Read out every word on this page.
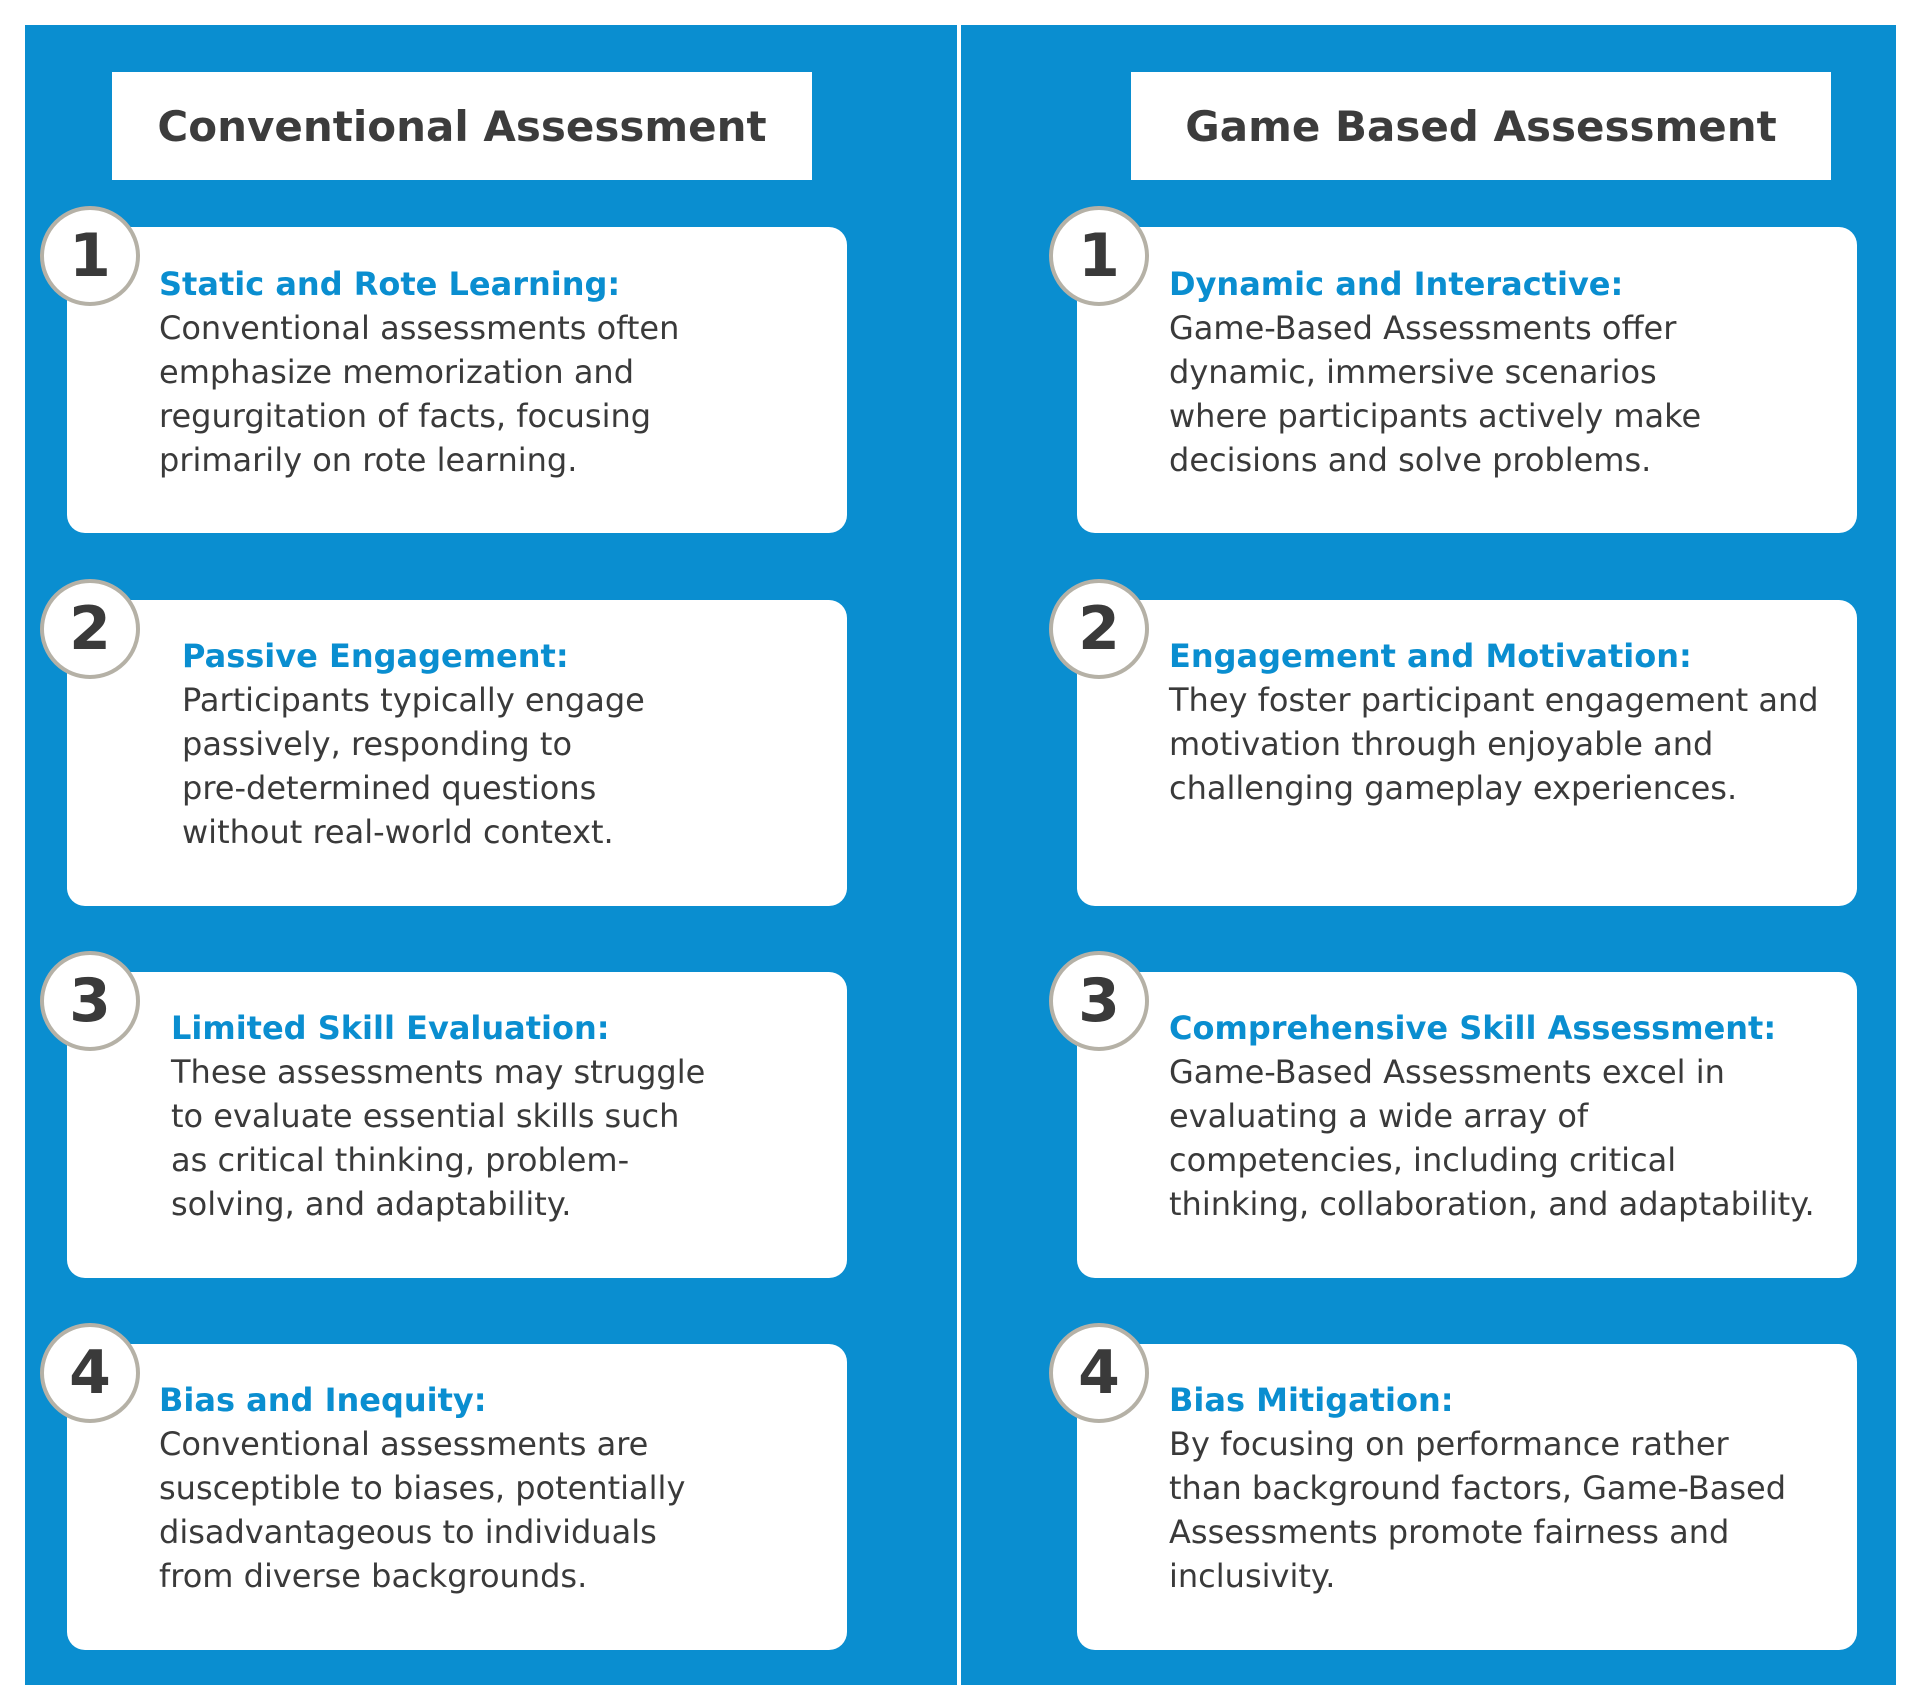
Conventional Assessment	Game Based Assessment
1	Static and Rote Learning:
Conventional assessments often
emphasize memorization and
regurgitation of facts, focusing
primarily on rote learning.
2	Passive Engagement:
Participants typically engage
passively, responding to
pre-determined questions
without real-world context.
3	Limited Skill Evaluation:
These assessments may struggle
to evaluate essential skills such
as critical thinking, problem-
solving, and adaptability.
4	Bias and Inequity:
Conventional assessments are
susceptible to biases, potentially
disadvantageous to individuals
from diverse backgrounds.
1	Dynamic and Interactive:
Game-Based Assessments offer
dynamic, immersive scenarios
where participants actively make
decisions and solve problems.
2	Engagement and Motivation:
They foster participant engagement and
motivation through enjoyable and
challenging gameplay experiences.
3	Comprehensive Skill Assessment:
Game-Based Assessments excel in
evaluating a wide array of
competencies, including critical
thinking, collaboration, and adaptability.
4	Bias Mitigation:
By focusing on performance rather
than background factors, Game-Based
Assessments promote fairness and
inclusivity.
